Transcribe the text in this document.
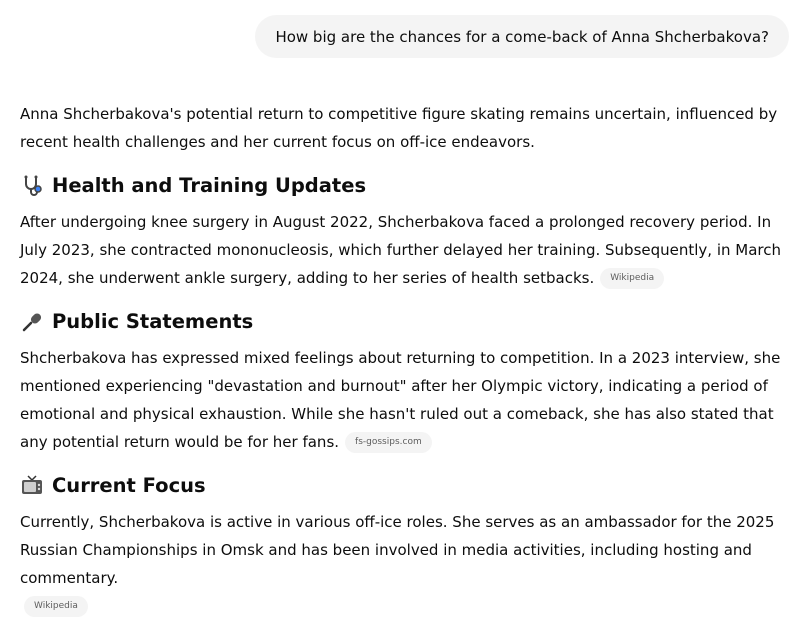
How big are the chances for a come-back of Anna Shcherbakova?

Anna Shcherbakova's potential return to competitive figure skating remains uncertain, influenced by recent health challenges and her current focus on off-ice endeavors.

Health and Training Updates

After undergoing knee surgery in August 2022, Shcherbakova faced a prolonged recovery period. In July 2023, she contracted mononucleosis, which further delayed her training. Subsequently, in March 2024, she underwent ankle surgery, adding to her series of health setbacks. Wikipedia

Public Statements

Shcherbakova has expressed mixed feelings about returning to competition. In a 2023 interview, she mentioned experiencing "devastation and burnout" after her Olympic victory, indicating a period of emotional and physical exhaustion. While she hasn't ruled out a comeback, she has also stated that any potential return would be for her fans. fs-gossips.com

Current Focus

Currently, Shcherbakova is active in various off-ice roles. She serves as an ambassador for the 2025 Russian Championships in Omsk and has been involved in media activities, including hosting and commentary.

Wikipedia
